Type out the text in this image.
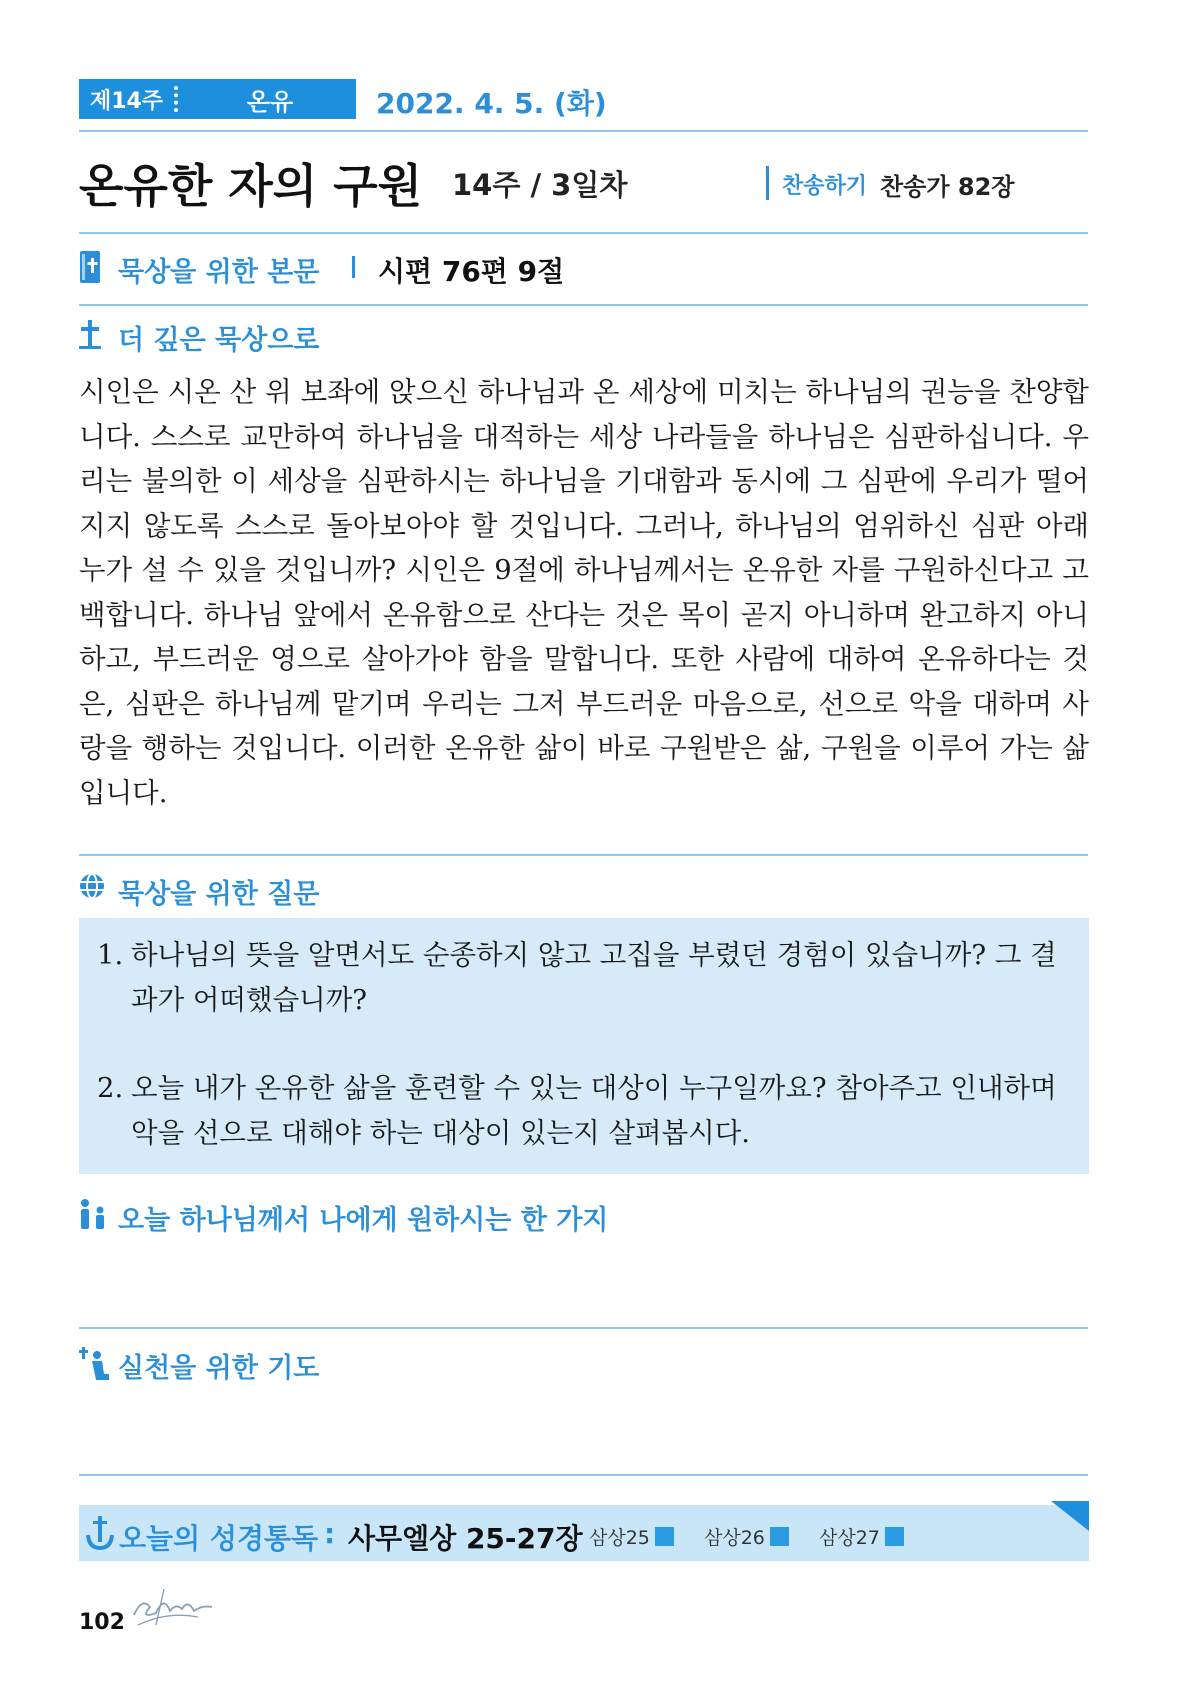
제14주	온유	2022. 4. 5. (화)
온유한 자의 구원 14주 / 3일차	찬송하기 찬송가 82장
묵상을 위한 본문 시편 76편 9절
더 깊은 묵상으로

시인은 시온 산 위 보좌에 앉으신 하나님과 온 세상에 미치는 하나님의 권능을 찬양합니다. 스스로 교만하여 하나님을 대적하는 세상 나라들을 하나님은 심판하십니다. 우리는 불의한 이 세상을 심판하시는 하나님을 기대함과 동시에 그 심판에 우리가 떨어지지 않도록 스스로 돌아보아야 할 것입니다. 그러나, 하나님의 엄위하신 심판 아래 누가 설 수 있을 것입니까? 시인은 9절에 하나님께서는 온유한 자를 구원하신다고 고백합니다. 하나님 앞에서 온유함으로 산다는 것은 목이 곧지 아니하며 완고하지 아니하고, 부드러운 영으로 살아가야 함을 말합니다. 또한 사람에 대하여 온유하다는 것은, 심판은 하나님께 맡기며 우리는 그저 부드러운 마음으로, 선으로 악을 대하며 사랑을 행하는 것입니다. 이러한 온유한 삶이 바로 구원받은 삶, 구원을 이루어 가는 삶입니다.

묵상을 위한 질문
1. 하나님의 뜻을 알면서도 순종하지 않고 고집을 부렸던 경험이 있습니까? 그 결과가 어떠했습니까?
2. 오늘 내가 온유한 삶을 훈련할 수 있는 대상이 누구일까요? 참아주고 인내하며 악을 선으로 대해야 하는 대상이 있는지 살펴봅시다.
오늘 하나님께서 나에게 원하시는 한 가지
실천을 위한 기도
오늘의 성경통독 : 사무엘상 25-27장 삼상25	삼상26	삼상27
102
